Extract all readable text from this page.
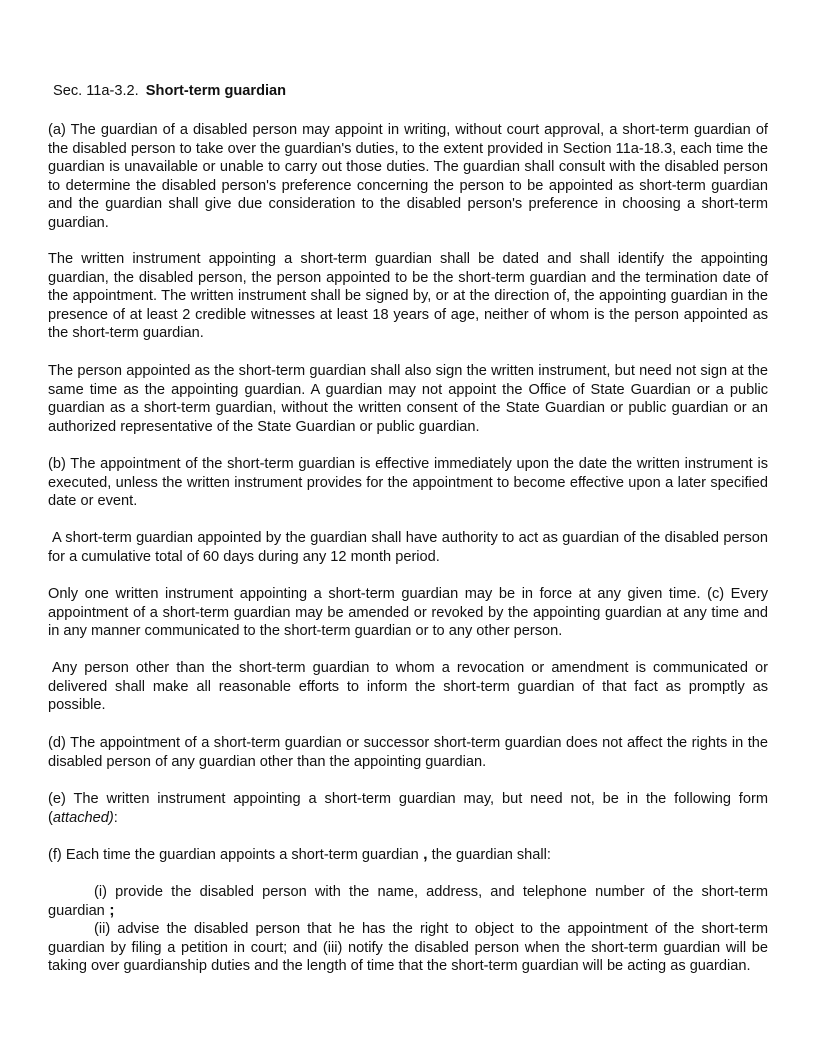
Sec. 11a-3.2. Short-term guardian

(a) The guardian of a disabled person may appoint in writing, without court approval, a short-term guardian of the disabled person to take over the guardian's duties, to the extent provided in Section 11a-18.3, each time the guardian is unavailable or unable to carry out those duties. The guardian shall consult with the disabled person to determine the disabled person's preference concerning the person to be appointed as short-term guardian and the guardian shall give due consideration to the disabled person's preference in choosing a short-term guardian.

The written instrument appointing a short-term guardian shall be dated and shall identify the appointing guardian, the disabled person, the person appointed to be the short-term guardian and the termination date of the appointment. The written instrument shall be signed by, or at the direction of, the appointing guardian in the presence of at least 2 credible witnesses at least 18 years of age, neither of whom is the person appointed as the short-term guardian.

The person appointed as the short-term guardian shall also sign the written instrument, but need not sign at the same time as the appointing guardian. A guardian may not appoint the Office of State Guardian or a public guardian as a short-term guardian, without the written consent of the State Guardian or public guardian or an authorized representative of the State Guardian or public guardian.

(b) The appointment of the short-term guardian is effective immediately upon the date the written instrument is executed, unless the written instrument provides for the appointment to become effective upon a later specified date or event.

A short-term guardian appointed by the guardian shall have authority to act as guardian of the disabled person for a cumulative total of 60 days during any 12 month period.

Only one written instrument appointing a short-term guardian may be in force at any given time. (c) Every appointment of a short-term guardian may be amended or revoked by the appointing guardian at any time and in any manner communicated to the short-term guardian or to any other person.

Any person other than the short-term guardian to whom a revocation or amendment is communicated or delivered shall make all reasonable efforts to inform the short-term guardian of that fact as promptly as possible.

(d) The appointment of a short-term guardian or successor short-term guardian does not affect the rights in the disabled person of any guardian other than the appointing guardian.

(e) The written instrument appointing a short-term guardian may, but need not, be in the following form (attached):

(f) Each time the guardian appoints a short-term guardian , the guardian shall:

(i) provide the disabled person with the name, address, and telephone number of the short-term guardian ;

(ii) advise the disabled person that he has the right to object to the appointment of the short-term guardian by filing a petition in court; and (iii) notify the disabled person when the short-term guardian will be taking over guardianship duties and the length of time that the short-term guardian will be acting as guardian.
